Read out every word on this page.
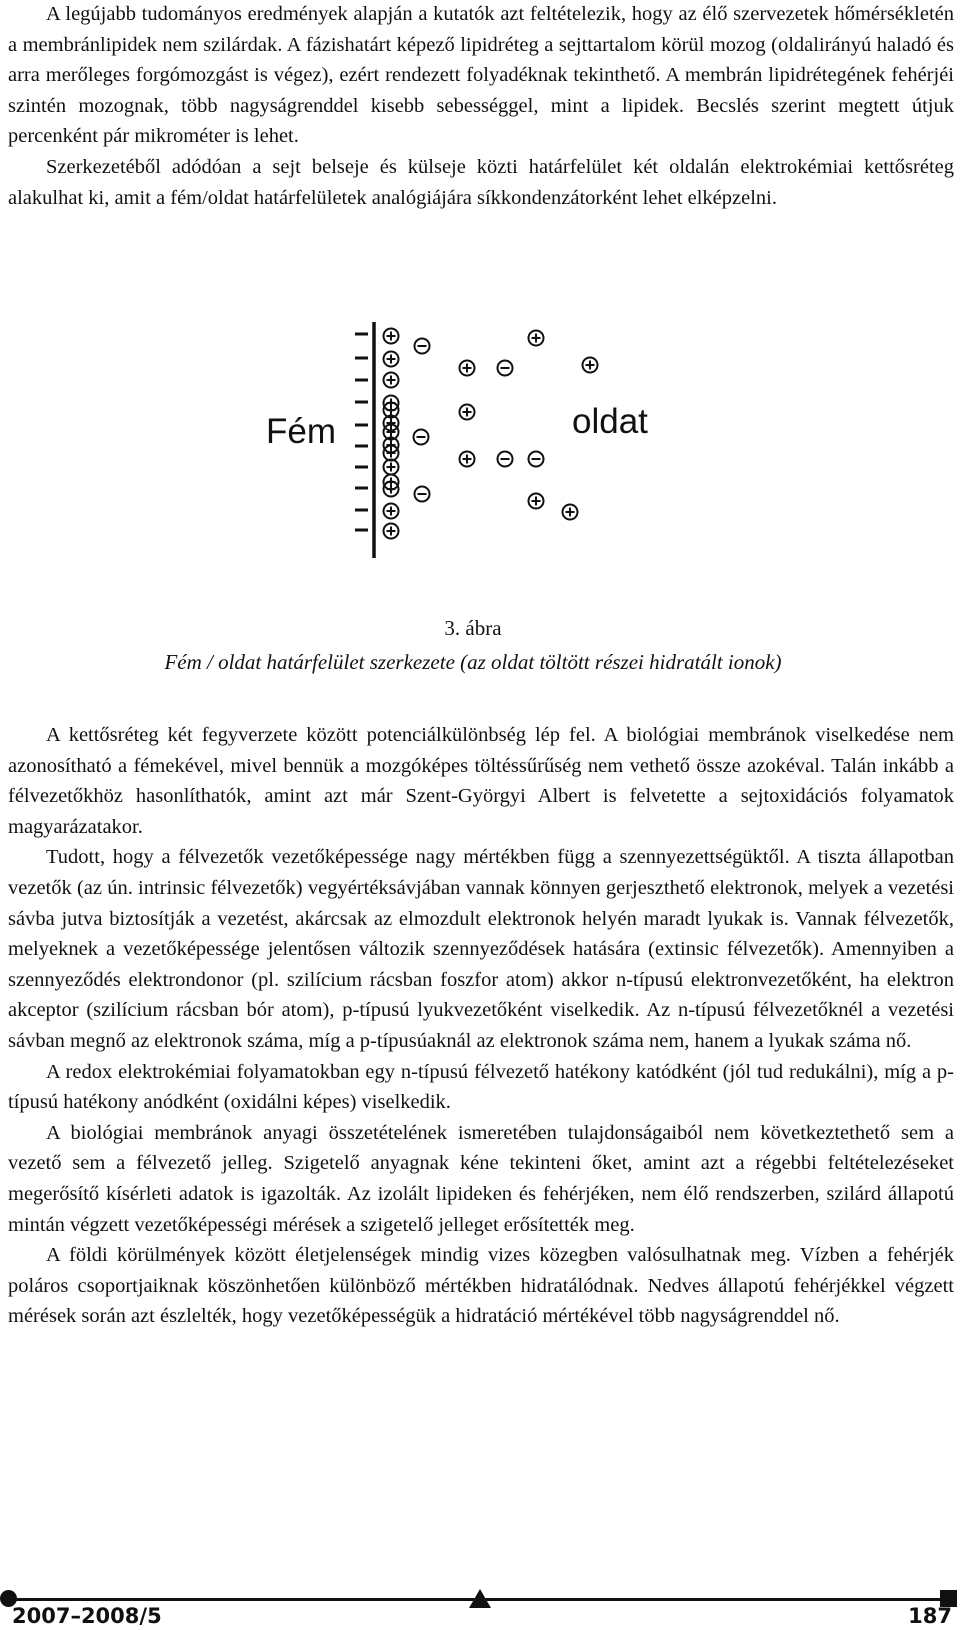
A legújabb tudományos eredmények alapján a kutatók azt feltételezik, hogy az élő szervezetek hőmérsékletén a membránlipidek nem szilárdak. A fázishatárt képező lipidréteg a sejttartalom körül mozog (oldalirányú haladó és arra merőleges forgómozgást is végez), ezért rendezett folyadéknak tekinthető. A membrán lipidrétegének fehérjéi szintén mozognak, több nagyságrenddel kisebb sebességgel, mint a lipidek. Becslés szerint megtett útjuk percenként pár mikrométer is lehet.

Szerkezetéből adódóan a sejt belseje és külseje közti határfelület két oldalán elektrokémiai kettősréteg alakulhat ki, amit a fém/oldat határfelületek analógiájára síkkondenzátorként lehet elképzelni.

Fém	oldat
3. ábra
Fém / oldat határfelület szerkezete (az oldat töltött részei hidratált ionok)

A kettősréteg két fegyverzete között potenciálkülönbség lép fel. A biológiai membránok viselkedése nem azonosítható a fémekével, mivel bennük a mozgóképes töltéssűrűség nem vethető össze azokéval. Talán inkább a félvezetőkhöz hasonlíthatók, amint azt már Szent-Györgyi Albert is felvetette a sejtoxidációs folyamatok magyarázatakor.

Tudott, hogy a félvezetők vezetőképessége nagy mértékben függ a szennyezettségüktől. A tiszta állapotban vezetők (az ún. intrinsic félvezetők) vegyértéksávjában vannak könnyen gerjeszthető elektronok, melyek a vezetési sávba jutva biztosítják a vezetést, akárcsak az elmozdult elektronok helyén maradt lyukak is. Vannak félvezetők, melyeknek a vezetőképessége jelentősen változik szennyeződések hatására (extinsic félvezetők). Amennyiben a szennyeződés elektrondonor (pl. szilícium rácsban foszfor atom) akkor n-típusú elektronvezetőként, ha elektron akceptor (szilícium rácsban bór atom), p-típusú lyukvezetőként viselkedik. Az n-típusú félvezetőknél a vezetési sávban megnő az elektronok száma, míg a p-típusúaknál az elektronok száma nem, hanem a lyukak száma nő.

A redox elektrokémiai folyamatokban egy n-típusú félvezető hatékony katódként (jól tud redukálni), míg a p-típusú hatékony anódként (oxidálni képes) viselkedik.

A biológiai membránok anyagi összetételének ismeretében tulajdonságaiból nem következtethető sem a vezető sem a félvezető jelleg. Szigetelő anyagnak kéne tekinteni őket, amint azt a régebbi feltételezéseket megerősítő kísérleti adatok is igazolták. Az izolált lipideken és fehérjéken, nem élő rendszerben, szilárd állapotú mintán végzett vezetőképességi mérések a szigetelő jelleget erősítették meg.

A földi körülmények között életjelenségek mindig vizes közegben valósulhatnak meg. Vízben a fehérjék poláros csoportjaiknak köszönhetően különböző mértékben hidratálódnak. Nedves állapotú fehérjékkel végzett mérések során azt észlelték, hogy vezetőképességük a hidratáció mértékével több nagyságrenddel nő.

2007–2008/5	187
